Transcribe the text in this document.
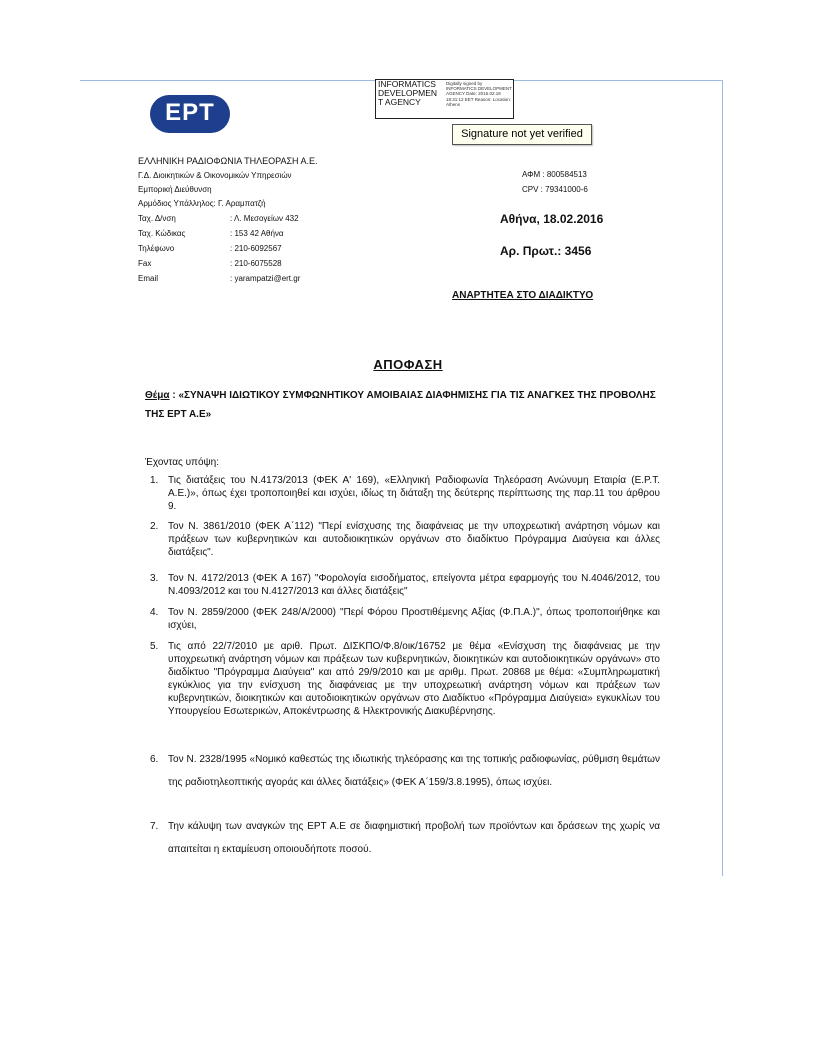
ΕΡΤ
INFORMATICS DEVELOPMEN T AGENCY
Digitally signed by INFORMATICS DEVELOPMENT AGENCY Date: 2016.02.18 18:31:12 EET Reason: Location: Athens
Signature not yet verified
ΕΛΛΗΝΙΚΗ ΡΑΔΙΟΦΩΝΙΑ ΤΗΛΕΟΡΑΣΗ Α.Ε.
Γ.Δ. Διοικητικών & Οικονομικών Υπηρεσιών
Εμπορική Διεύθυνση
Αρμόδιος Υπάλληλος: Γ. Αραμπατζή
Ταχ. Δ/νση	: Λ. Μεσογείων 432
Ταχ. Κώδικας	: 153 42 Αθήνα
Τηλέφωνο	: 210-6092567
Fax	: 210-6075528
Email	: yarampatzi@ert.gr
ΑΦΜ : 800584513
CPV : 79341000-6
Αθήνα, 18.02.2016
Αρ. Πρωτ.: 3456
ΑΝΑΡΤΗΤΕΑ ΣΤΟ ΔΙΑΔΙΚΤΥΟ
ΑΠΟΦΑΣΗ
Θέμα : «ΣΥΝΑΨΗ ΙΔΙΩΤΙΚΟΥ ΣΥΜΦΩΝΗΤΙΚΟΥ ΑΜΟΙΒΑΙΑΣ ΔΙΑΦΗΜΙΣΗΣ ΓΙΑ ΤΙΣ ΑΝΑΓΚΕΣ ΤΗΣ ΠΡΟΒΟΛΗΣ ΤΗΣ ΕΡΤ Α.Ε»
Έχοντας υπόψη:
1. Τις διατάξεις του Ν.4173/2013 (ΦΕΚ Α' 169), «Ελληνική Ραδιοφωνία Τηλεόραση Ανώνυμη Εταιρία (Ε.Ρ.Τ. Α.Ε.)», όπως έχει τροποποιηθεί και ισχύει, ιδίως τη διάταξη της δεύτερης περίπτωσης της παρ.11 του άρθρου 9.
2. Τον Ν. 3861/2010 (ΦΕΚ Α΄112) "Περί ενίσχυσης της διαφάνειας με την υποχρεωτική ανάρτηση νόμων και πράξεων των κυβερνητικών και αυτοδιοικητικών οργάνων στο διαδίκτυο Πρόγραμμα Διαύγεια και άλλες διατάξεις".
3. Τον Ν. 4172/2013 (ΦΕΚ Α 167) "Φορολογία εισοδήματος, επείγοντα μέτρα εφαρμογής του Ν.4046/2012, του Ν.4093/2012 και του Ν.4127/2013 και άλλες διατάξεις"
4. Τον Ν. 2859/2000 (ΦΕΚ 248/Α/2000) "Περί Φόρου Προστιθέμενης Αξίας (Φ.Π.Α.)", όπως τροποποιήθηκε και ισχύει,
5. Τις από 22/7/2010 με αριθ. Πρωτ. ΔΙΣΚΠΟ/Φ.8/οικ/16752 με θέμα «Ενίσχυση της διαφάνειας με την υποχρεωτική ανάρτηση νόμων και πράξεων των κυβερνητικών, διοικητικών και αυτοδιοικητικών οργάνων» στο διαδίκτυο "Πρόγραμμα Διαύγεια" και από 29/9/2010 και με αριθμ. Πρωτ. 20868 με θέμα: «Συμπληρωματική εγκύκλιος για την ενίσχυση της διαφάνειας με την υποχρεωτική ανάρτηση νόμων και πράξεων των κυβερνητικών, διοικητικών και αυτοδιοικητικών οργάνων στο Διαδίκτυο «Πρόγραμμα Διαύγεια» εγκυκλίων του Υπουργείου Εσωτερικών, Αποκέντρωσης & Ηλεκτρονικής Διακυβέρνησης.
6. Τον Ν. 2328/1995 «Νομικό καθεστώς της ιδιωτικής τηλεόρασης και της τοπικής ραδιοφωνίας, ρύθμιση θεμάτων της ραδιοτηλεοπτικής αγοράς και άλλες διατάξεις» (ΦΕΚ Α΄159/3.8.1995), όπως ισχύει.
7. Την κάλυψη των αναγκών της ΕΡΤ Α.Ε σε διαφημιστική προβολή των προϊόντων και δράσεων της χωρίς να απαιτείται η εκταμίευση οποιουδήποτε ποσού.
